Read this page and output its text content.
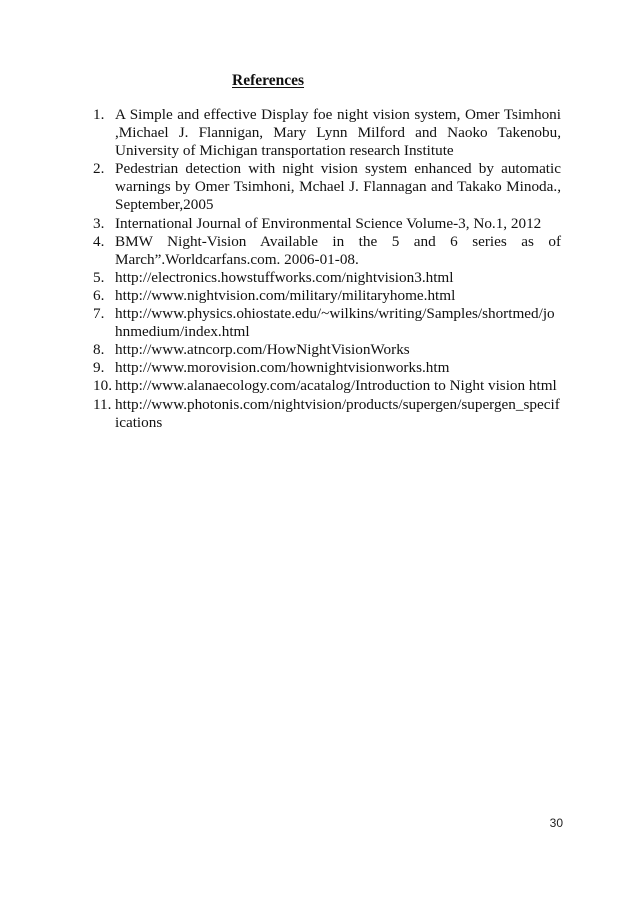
References
1. A Simple and effective Display foe night vision system, Omer Tsimhoni ,Michael J. Flannigan, Mary Lynn Milford and Naoko Takenobu, University of Michigan transportation research Institute
2. Pedestrian detection with night vision system enhanced by automatic warnings by Omer Tsimhoni, Mchael J. Flannagan and Takako Minoda., September,2005
3. International Journal of Environmental Science Volume-3, No.1, 2012
4. BMW Night-Vision Available in the 5 and 6 series as of March”.Worldcarfans.com. 2006-01-08.
5. http://electronics.howstuffworks.com/nightvision3.html
6. http://www.nightvision.com/military/militaryhome.html
7. http://www.physics.ohiostate.edu/~wilkins/writing/Samples/shortmed/johnmedium/index.html
8. http://www.atncorp.com/HowNightVisionWorks
9. http://www.morovision.com/hownightvisionworks.htm
10. http://www.alanaecology.com/acatalog/Introduction to Night vision html
11. http://www.photonis.com/nightvision/products/supergen/supergen_specifications
30
